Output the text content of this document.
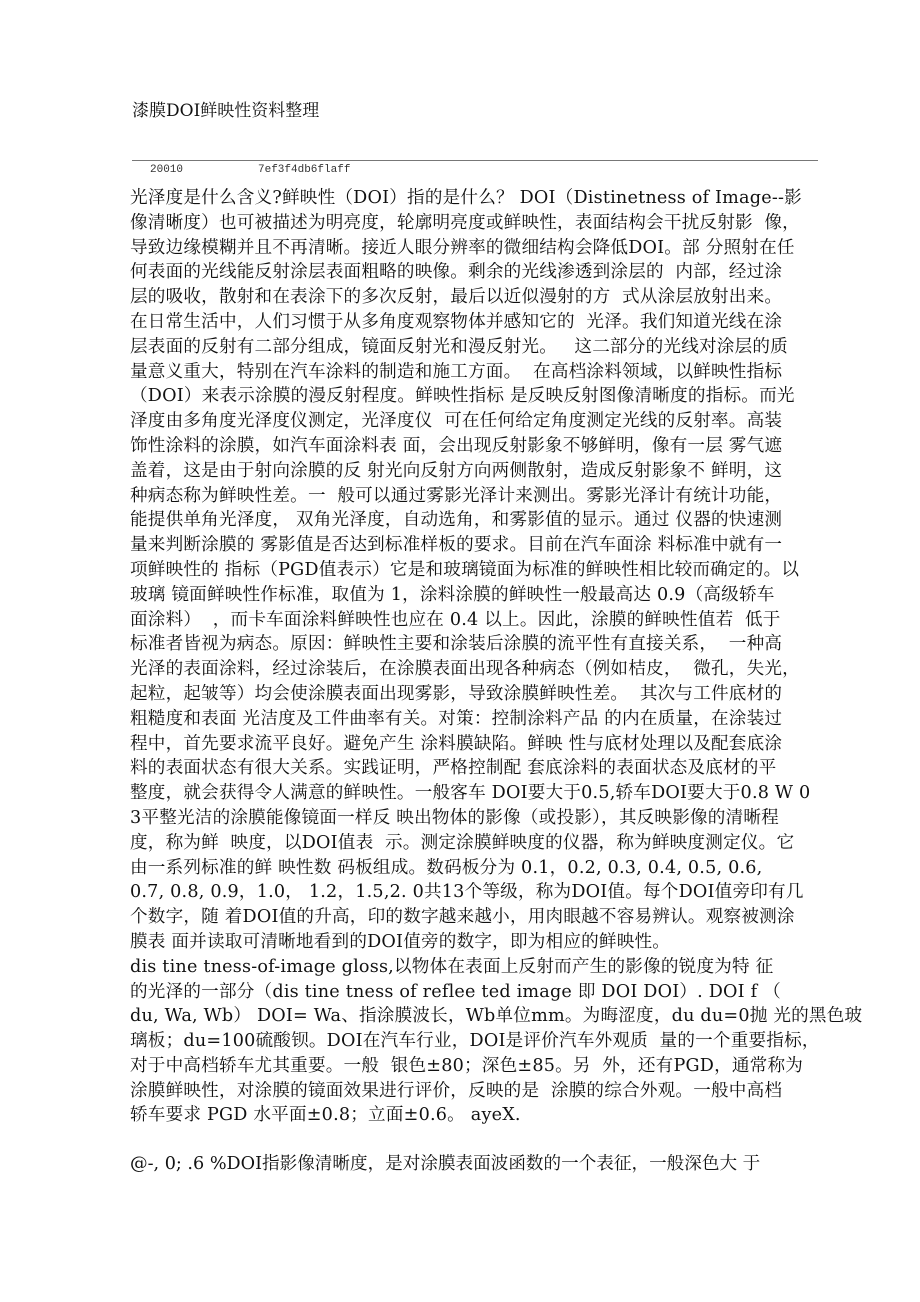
漆膜DOI鲜映性资料整理
20010	7ef3f4db6flaff
光泽度是什么含义?鲜映性（DOI）指的是什么？ DOI（Distinetness of Image--影
像清晰度）也可被描述为明亮度，轮廓明亮度或鲜映性，表面结构会干扰反射影  像，
导致边缘模糊并且不再清晰。接近人眼分辨率的微细结构会降低DOI。部 分照射在任
何表面的光线能反射涂层表面粗略的映像。剩余的光线渗透到涂层的  内部，经过涂
层的吸收，散射和在表涂下的多次反射，最后以近似漫射的方  式从涂层放射出来。
在日常生活中，人们习惯于从多角度观察物体并感知它的  光泽。我们知道光线在涂
层表面的反射有二部分组成，镜面反射光和漫反射光。   这二部分的光线对涂层的质
量意义重大，特别在汽车涂料的制造和施工方面。  在高档涂料领域，以鲜映性指标
（DOI）来表示涂膜的漫反射程度。鲜映性指标 是反映反射图像清晰度的指标。而光
泽度由多角度光泽度仪测定，光泽度仪  可在任何给定角度测定光线的反射率。高装
饰性涂料的涂膜，如汽车面涂料表 面，会出现反射影象不够鲜明，像有一层 雾气遮
盖着，这是由于射向涂膜的反 射光向反射方向两侧散射，造成反射影象不 鲜明，这
种病态称为鲜映性差。一  般可以通过雾影光泽计来测出。雾影光泽计有统计功能，
能提供单角光泽度， 双角光泽度，自动选角，和雾影值的显示。通过 仪器的快速测
量来判断涂膜的 雾影值是否达到标准样板的要求。目前在汽车面涂 料标准中就有一
项鲜映性的 指标（PGD值表示）它是和玻璃镜面为标准的鲜映性相比较而确定的。以
玻璃 镜面鲜映性作标准，取值为 1，涂料涂膜的鲜映性一般最高达 0.9（高级轿车
面涂料）  ，而卡车面涂料鲜映性也应在 0.4 以上。因此，涂膜的鲜映性值若  低于
标准者皆视为病态。原因：鲜映性主要和涂装后涂膜的流平性有直接关系，  一种高
光泽的表面涂料，经过涂装后，在涂膜表面出现各种病态（例如桔皮，  微孔，失光，
起粒，起皱等）均会使涂膜表面出现雾影，导致涂膜鲜映性差。  其次与工件底材的
粗糙度和表面 光洁度及工件曲率有关。对策：控制涂料产品 的内在质量，在涂装过
程中，首先要求流平良好。避免产生 涂料膜缺陷。鲜映 性与底材处理以及配套底涂
料的表面状态有很大关系。实践证明，严格控制配 套底涂料的表面状态及底材的平
整度，就会获得令人满意的鲜映性。一般客车 DOI要大于0.5,轿车DOI要大于0.8 W 0
3平整光洁的涂膜能像镜面一样反 映出物体的影像（或投影），其反映影像的清晰程
度，称为鲜  映度，以DOI值表  示。测定涂膜鲜映度的仪器，称为鲜映度测定仪。它
由一系列标准的鲜 映性数 码板组成。数码板分为 0.1，0.2, 0.3, 0.4, 0.5, 0.6,
0.7, 0.8, 0.9，1.0， 1.2，1.5,2. 0共13个等级，称为DOI值。每个DOI值旁印有几
个数字，随 着DOI值的升高，印的数字越来越小，用肉眼越不容易辨认。观察被测涂
膜表 面并读取可清晰地看到的DOI值旁的数字，即为相应的鲜映性。
dis tine tness-of-image gloss,以物体在表面上反射而产生的影像的锐度为特 征
的光泽的一部分（dis tine tness of reflee ted image 即 DOI DOI）. DOI f （
du, Wa, Wb） DOI= Wa、指涂膜波长，Wb单位mm。为晦涩度，du du=0抛 光的黑色玻
璃板；du=100硫酸钡。DOI在汽车行业，DOI是评价汽车外观质  量的一个重要指标，
对于中高档轿车尤其重要。一般  银色±80；深色±85。另  外，还有PGD，通常称为
涂膜鲜映性，对涂膜的镜面效果进行评价，反映的是  涂膜的综合外观。一般中高档
轿车要求 PGD 水平面±0.8；立面±0.6。 ayeX.
@-, 0; .6 %DOI指影像清晰度，是对涂膜表面波函数的一个表征，一般深色大 于
